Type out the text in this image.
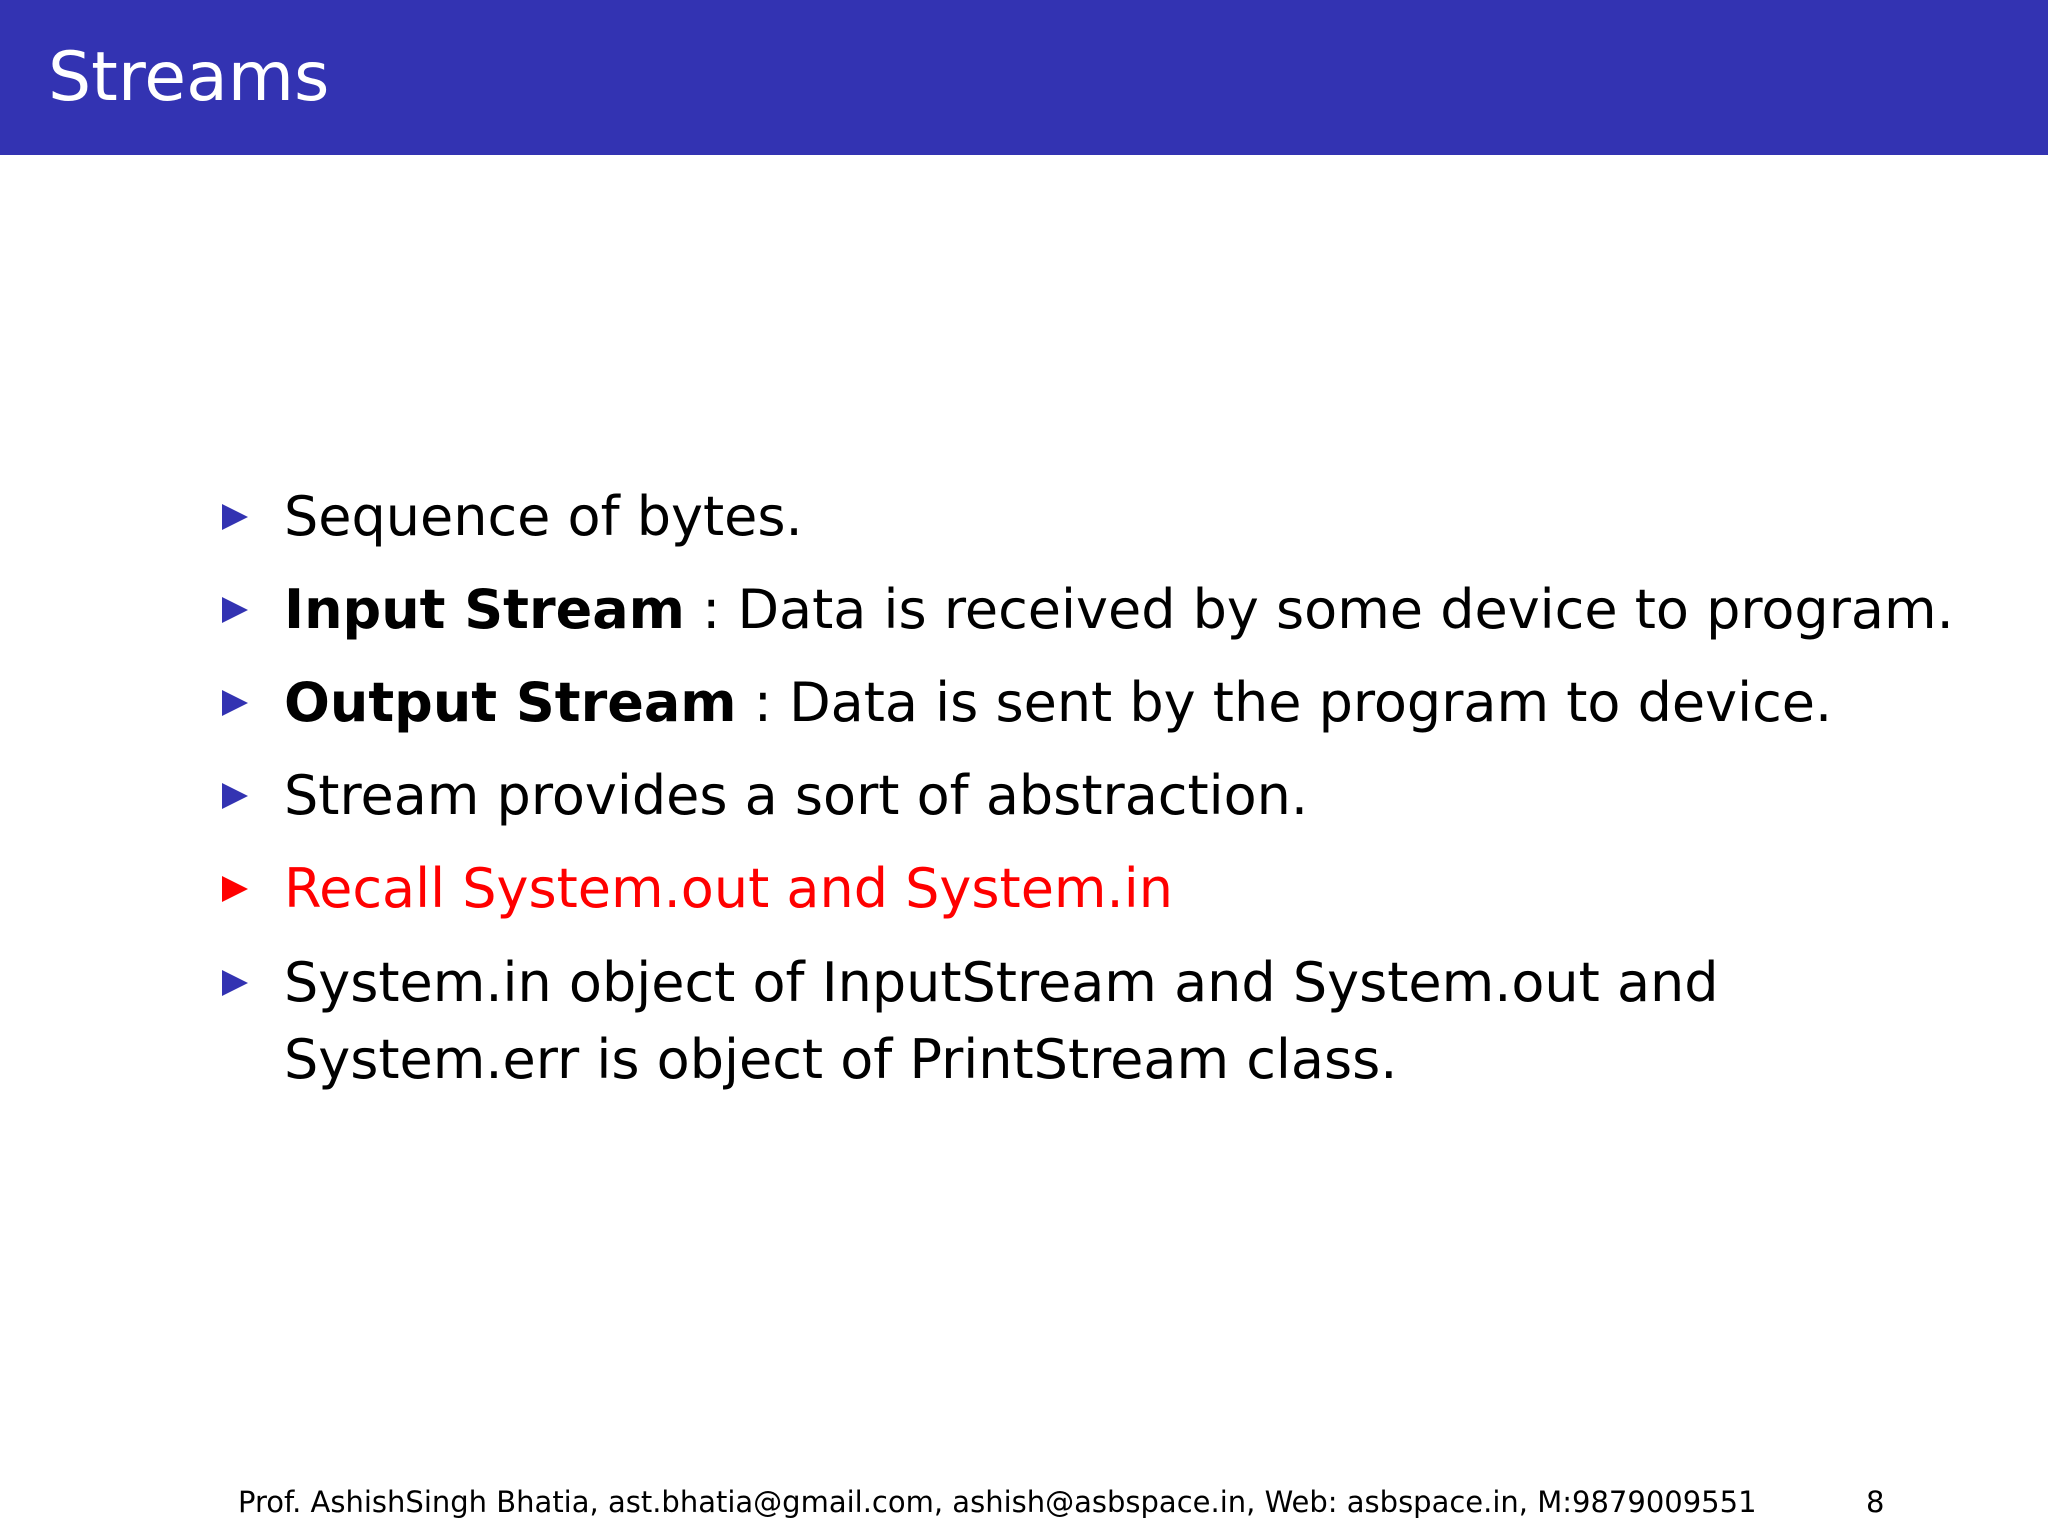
Streams
Sequence of bytes.
Input Stream : Data is received by some device to program.
Output Stream : Data is sent by the program to device.
Stream provides a sort of abstraction.
Recall System.out and System.in
System.in object of InputStream and System.out and
System.err is object of PrintStream class.
Prof. AshishSingh Bhatia, ast.bhatia@gmail.com, ashish@asbspace.in, Web: asbspace.in, M:9879009551	8
